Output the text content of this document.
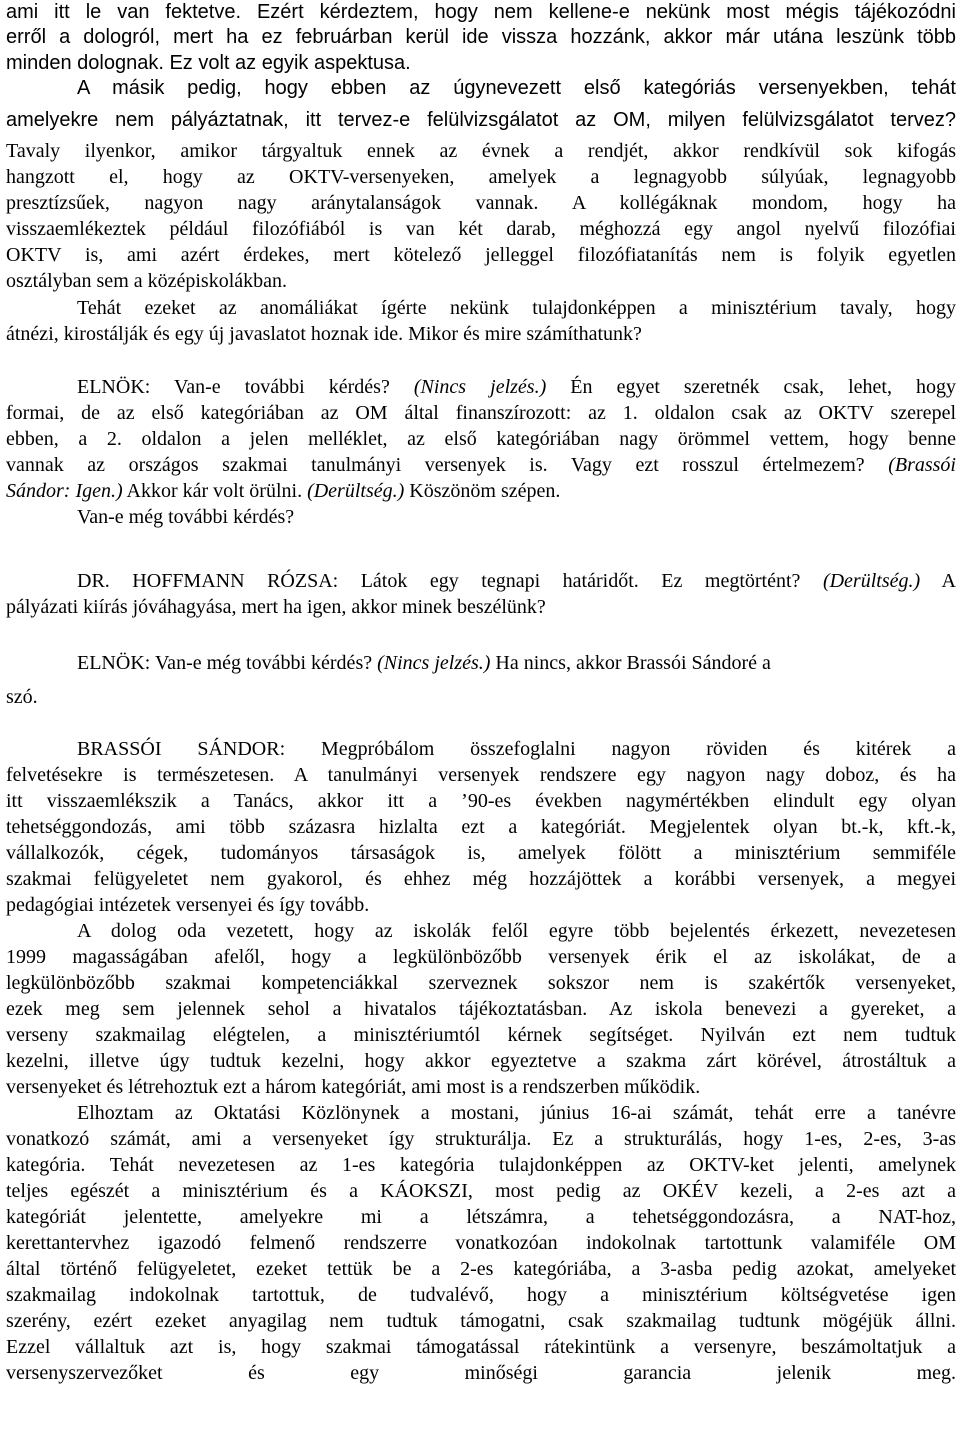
ami itt le van fektetve. Ezért kérdeztem, hogy nem kellene-e nekünk most mégis tájékozódni
erről a dologról, mert ha ez februárban kerül ide vissza hozzánk, akkor már utána leszünk több
minden dolognak. Ez volt az egyik aspektusa.
A másik pedig, hogy ebben az úgynevezett első kategóriás versenyekben, tehát
amelyekre nem pályáztatnak, itt tervez-e felülvizsgálatot az OM, milyen felülvizsgálatot tervez?
Tavaly ilyenkor, amikor tárgyaltuk ennek az évnek a rendjét, akkor rendkívül sok kifogás
hangzott el, hogy az OKTV-versenyeken, amelyek a legnagyobb súlyúak, legnagyobb
presztízsűek, nagyon nagy aránytalanságok vannak. A kollégáknak mondom, hogy ha
visszaemlékeztek például filozófiából is van két darab, méghozzá egy angol nyelvű filozófiai
OKTV is, ami azért érdekes, mert kötelező jelleggel filozófiatanítás nem is folyik egyetlen
osztályban sem a középiskolákban.
Tehát ezeket az anomáliákat ígérte nekünk tulajdonképpen a minisztérium tavaly, hogy
átnézi, kirostálják és egy új javaslatot hoznak ide. Mikor és mire számíthatunk?
ELNÖK: Van-e további kérdés? (Nincs jelzés.) Én egyet szeretnék csak, lehet, hogy
formai, de az első kategóriában az OM által finanszírozott: az 1. oldalon csak az OKTV szerepel
ebben, a 2. oldalon a jelen melléklet, az első kategóriában nagy örömmel vettem, hogy benne
vannak az országos szakmai tanulmányi versenyek is. Vagy ezt rosszul értelmezem? (Brassói
Sándor: Igen.) Akkor kár volt örülni. (Derültség.) Köszönöm szépen.
Van-e még további kérdés?
DR. HOFFMANN RÓZSA: Látok egy tegnapi határidőt. Ez megtörtént? (Derültség.) A
pályázati kiírás jóváhagyása, mert ha igen, akkor minek beszélünk?
ELNÖK: Van-e még további kérdés? (Nincs jelzés.) Ha nincs, akkor Brassói Sándoré a
szó.
BRASSÓI SÁNDOR: Megpróbálom összefoglalni nagyon röviden és kitérek a
felvetésekre is természetesen. A tanulmányi versenyek rendszere egy nagyon nagy doboz, és ha
itt visszaemlékszik a Tanács, akkor itt a ’90-es években nagymértékben elindult egy olyan
tehetséggondozás, ami több százasra hizlalta ezt a kategóriát. Megjelentek olyan bt.-k, kft.-k,
vállalkozók, cégek, tudományos társaságok is, amelyek fölött a minisztérium semmiféle
szakmai felügyeletet nem gyakorol, és ehhez még hozzájöttek a korábbi versenyek, a megyei
pedagógiai intézetek versenyei és így tovább.
A dolog oda vezetett, hogy az iskolák felől egyre több bejelentés érkezett, nevezetesen
1999 magasságában afelől, hogy a legkülönbözőbb versenyek érik el az iskolákat, de a
legkülönbözőbb szakmai kompetenciákkal szerveznek sokszor nem is szakértők versenyeket,
ezek meg sem jelennek sehol a hivatalos tájékoztatásban. Az iskola benevezi a gyereket, a
verseny szakmailag elégtelen, a minisztériumtól kérnek segítséget. Nyilván ezt nem tudtuk
kezelni, illetve úgy tudtuk kezelni, hogy akkor egyeztetve a szakma zárt körével, átrostáltuk a
versenyeket és létrehoztuk ezt a három kategóriát, ami most is a rendszerben működik.
Elhoztam az Oktatási Közlönynek a mostani, június 16-ai számát, tehát erre a tanévre
vonatkozó számát, ami a versenyeket így strukturálja. Ez a strukturálás, hogy 1-es, 2-es, 3-as
kategória. Tehát nevezetesen az 1-es kategória tulajdonképpen az OKTV-ket jelenti, amelynek
teljes egészét a minisztérium és a KÁOKSZI, most pedig az OKÉV kezeli, a 2-es azt a
kategóriát jelentette, amelyekre mi a létszámra, a tehetséggondozásra, a NAT-hoz,
kerettantervhez igazodó felmenő rendszerre vonatkozóan indokolnak tartottunk valamiféle OM
által történő felügyeletet, ezeket tettük be a 2-es kategóriába, a 3-asba pedig azokat, amelyeket
szakmailag indokolnak tartottuk, de tudvalévő, hogy a minisztérium költségvetése igen
szerény, ezért ezeket anyagilag nem tudtuk támogatni, csak szakmailag tudtunk mögéjük állni.
Ezzel vállaltuk azt is, hogy szakmai támogatással rátekintünk a versenyre, beszámoltatjuk a
versenyszervezőket és egy minőségi garancia jelenik meg.
